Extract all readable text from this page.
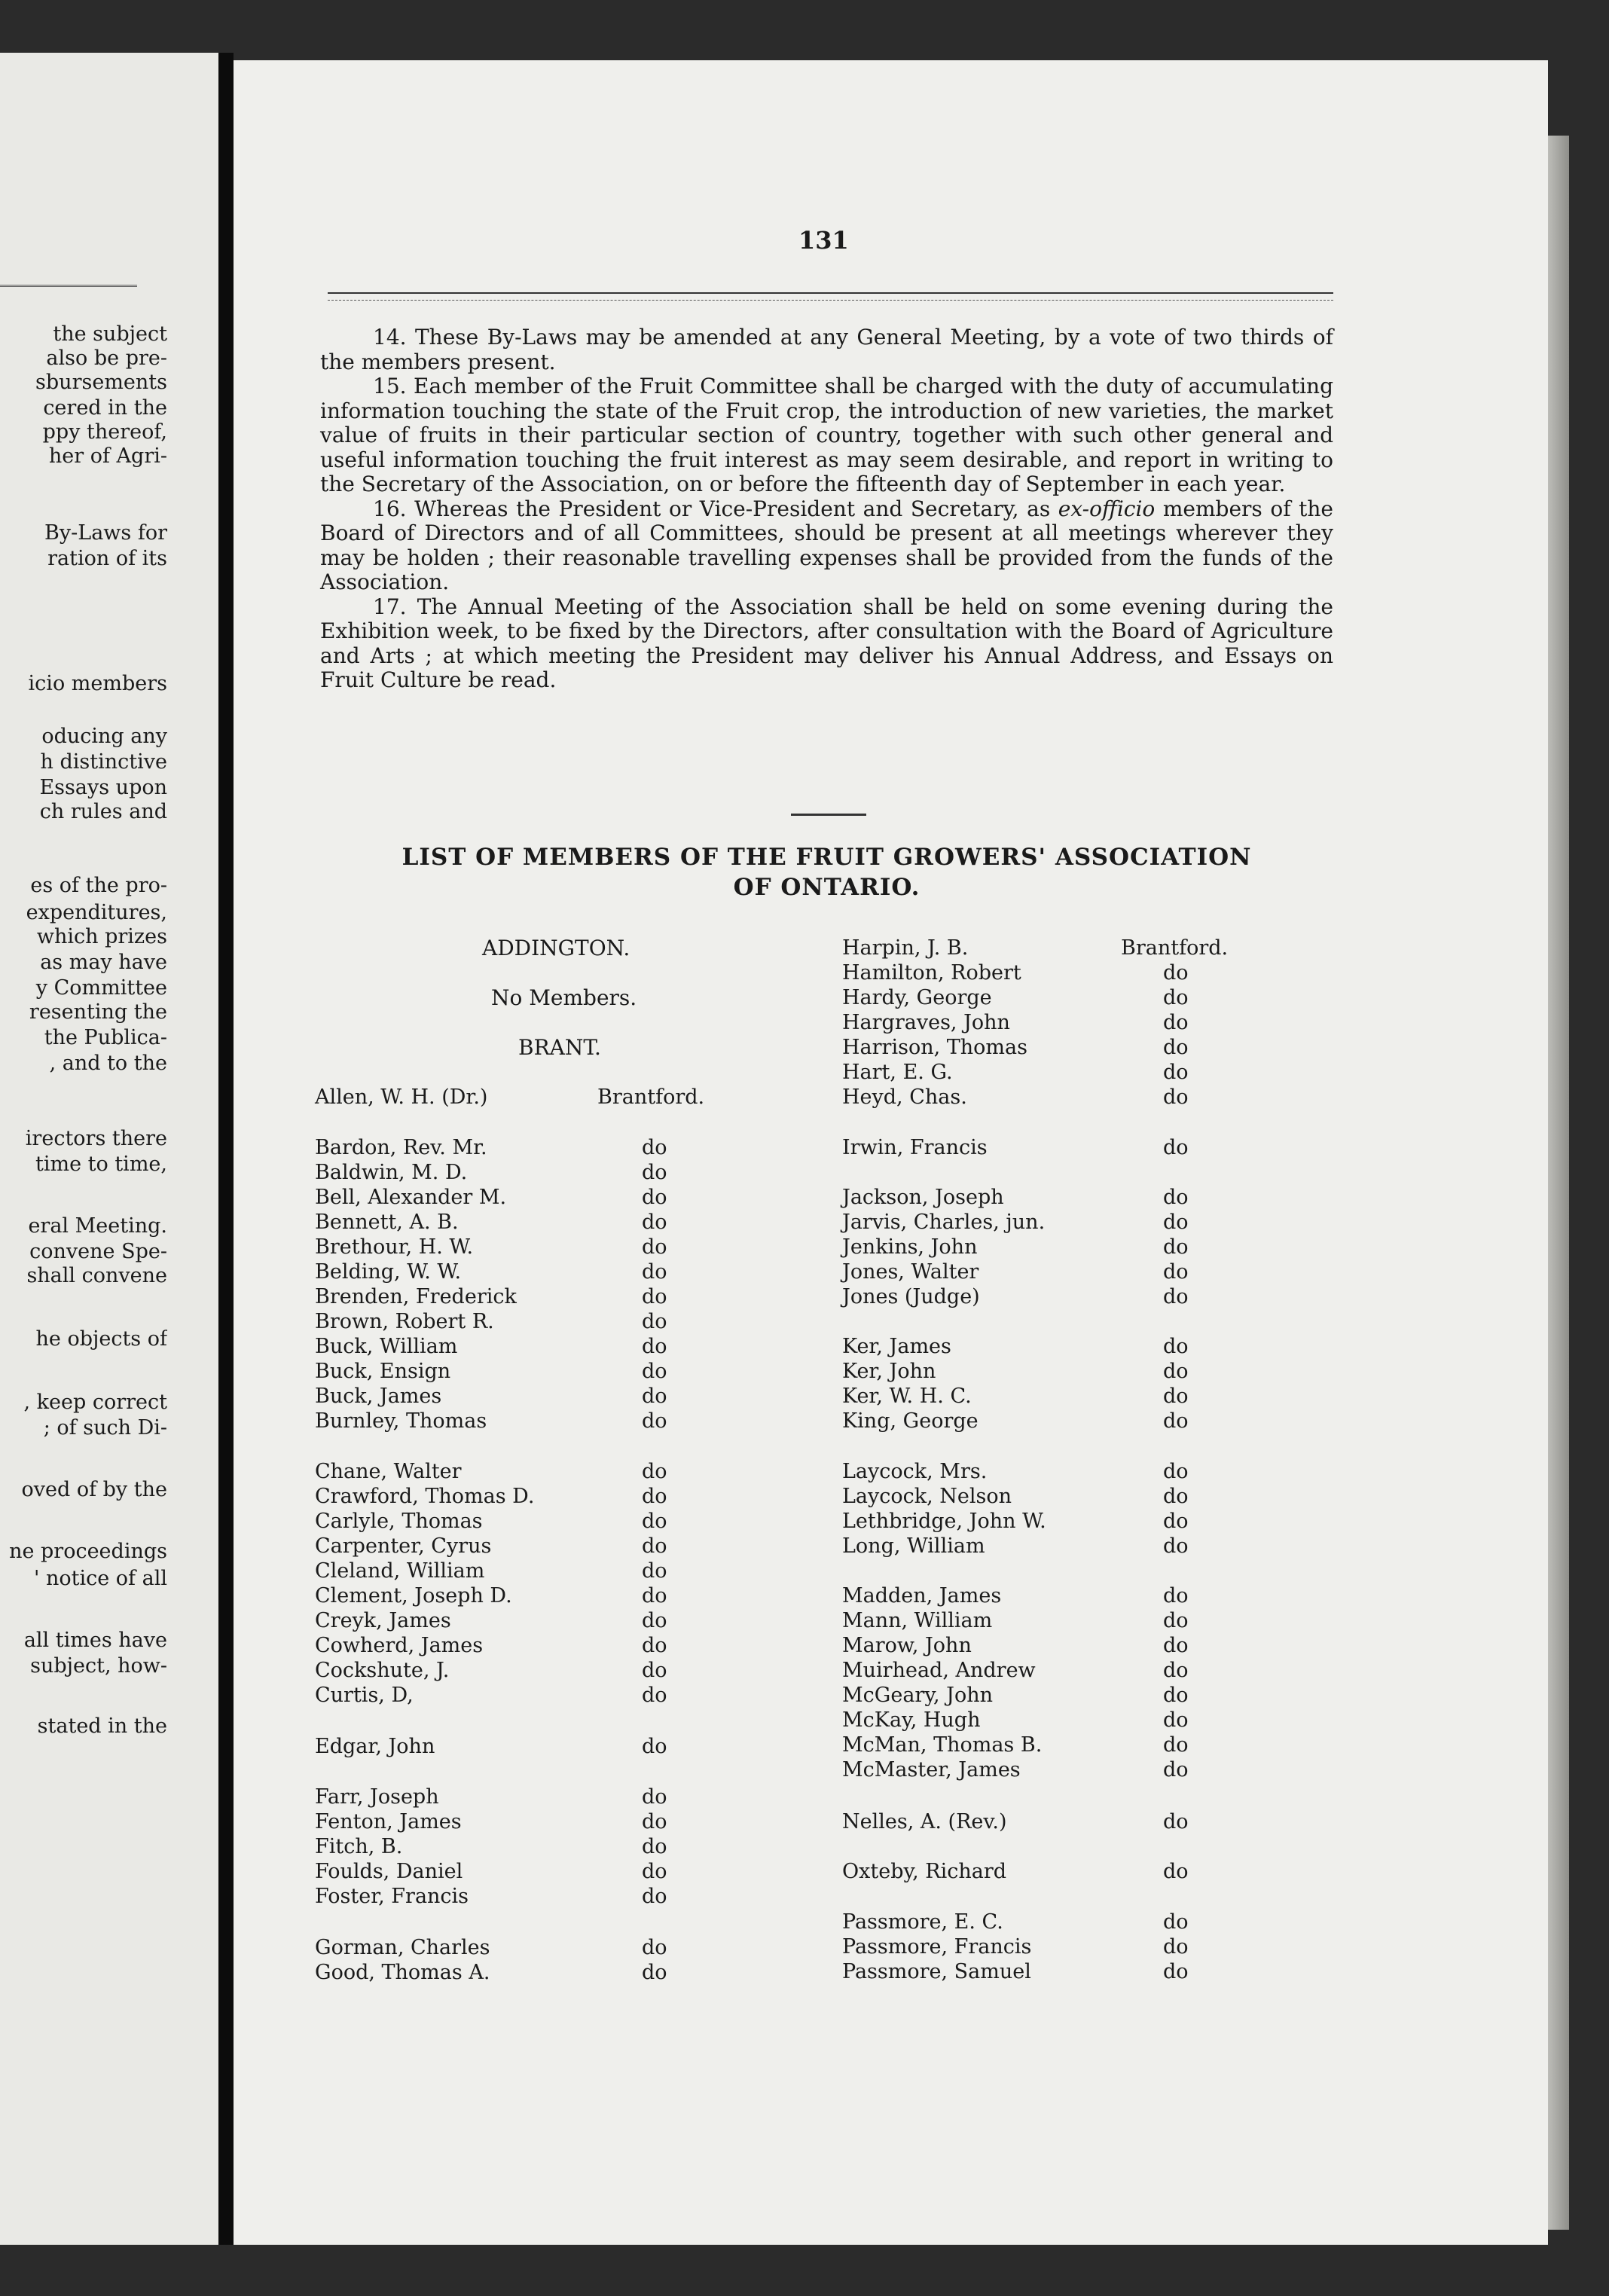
the subject
also be pre-
sbursements
cered in the
ppy thereof,
her of Agri-
By-Laws for
ration of its
icio members
oducing any
h distinctive
Essays upon
ch rules and
es of the pro-
expenditures,
which prizes
as may have
y Committee
resenting the
the Publica-
, and to the
irectors there
time to time,
eral Meeting.
convene Spe-
shall convene
he objects of
, keep correct
; of such Di-
oved of by the
ne proceedings
' notice of all
all times have
subject, how-
stated in the
131
14. These By-Laws may be amended at any General Meeting, by a vote of two thirds of the members present.
15. Each member of the Fruit Committee shall be charged with the duty of accumulating information touching the state of the Fruit crop, the introduction of new varieties, the market value of fruits in their particular section of country, together with such other general and useful information touching the fruit interest as may seem desirable, and report in writing to the Secretary of the Association, on or before the fifteenth day of September in each year.
16. Whereas the President or Vice-President and Secretary, as ex-officio members of the Board of Directors and of all Committees, should be present at all meetings wherever they may be holden ; their reasonable travelling expenses shall be provided from the funds of the Association.
17. The Annual Meeting of the Association shall be held on some evening during the Exhibition week, to be fixed by the Directors, after consultation with the Board of Agriculture and Arts ; at which meeting the President may deliver his Annual Address, and Essays on Fruit Culture be read.
LIST OF MEMBERS OF THE FRUIT GROWERS' ASSOCIATION
OF ONTARIO.
ADDINGTON.
No Members.
BRANT.
Allen, W. H. (Dr.)	Brantford.
Bardon, Rev. Mr.	do
Baldwin, M. D.	do
Bell, Alexander M.	do
Bennett, A. B.	do
Brethour, H. W.	do
Belding, W. W.	do
Brenden, Frederick	do
Brown, Robert R.	do
Buck, William	do
Buck, Ensign	do
Buck, James	do
Burnley, Thomas	do
Chane, Walter	do
Crawford, Thomas D.	do
Carlyle, Thomas	do
Carpenter, Cyrus	do
Cleland, William	do
Clement, Joseph D.	do
Creyk, James	do
Cowherd, James	do
Cockshute, J.	do
Curtis, D,	do
Edgar, John	do
Farr, Joseph	do
Fenton, James	do
Fitch, B.	do
Foulds, Daniel	do
Foster, Francis	do
Gorman, Charles	do
Good, Thomas A.	do
Harpin, J. B.	Brantford.
Hamilton, Robert	do
Hardy, George	do
Hargraves, John	do
Harrison, Thomas	do
Hart, E. G.	do
Heyd, Chas.	do
Irwin, Francis	do
Jackson, Joseph	do
Jarvis, Charles, jun.	do
Jenkins, John	do
Jones, Walter	do
Jones (Judge)	do
Ker, James	do
Ker, John	do
Ker, W. H. C.	do
King, George	do
Laycock, Mrs.	do
Laycock, Nelson	do
Lethbridge, John W.	do
Long, William	do
Madden, James	do
Mann, William	do
Marow, John	do
Muirhead, Andrew	do
McGeary, John	do
McKay, Hugh	do
McMan, Thomas B.	do
McMaster, James	do
Nelles, A. (Rev.)	do
Oxteby, Richard	do
Passmore, E. C.	do
Passmore, Francis	do
Passmore, Samuel	do
